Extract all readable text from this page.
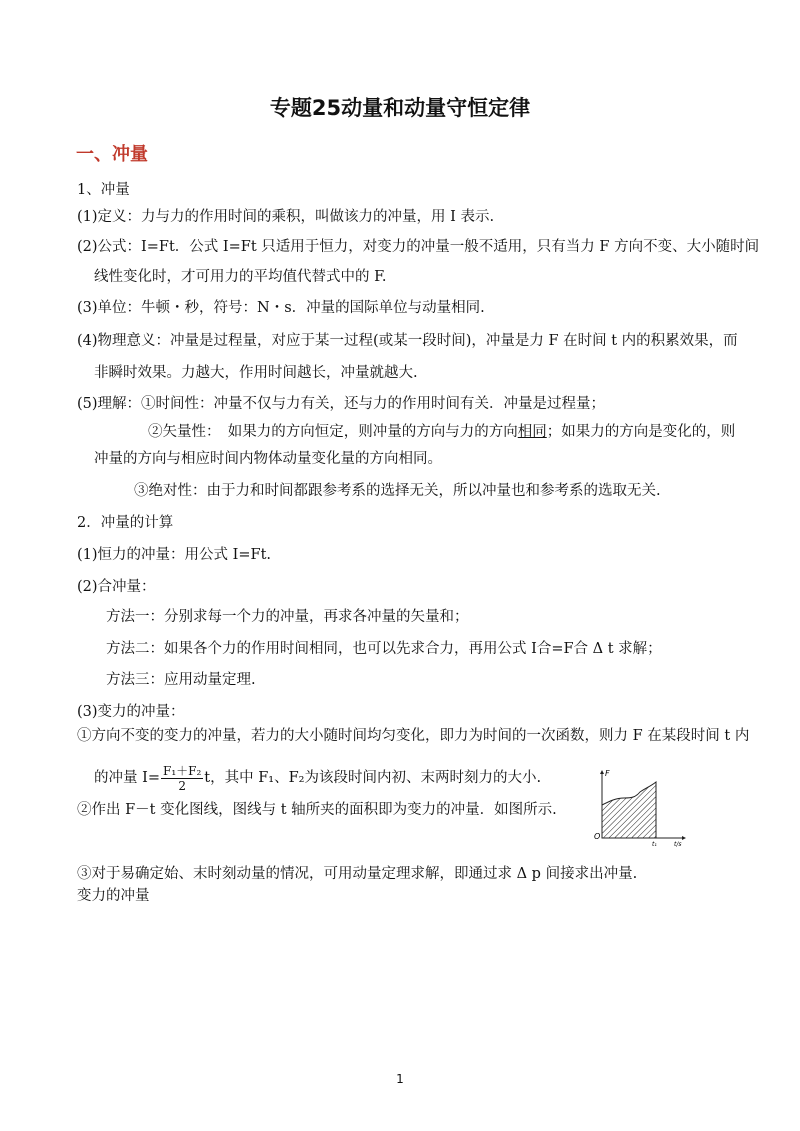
专题25动量和动量守恒定律
一、冲量
1、冲量
(1)定义：力与力的作用时间的乘积，叫做该力的冲量，用 I 表示.
(2)公式：I=Ft．公式 I=Ft 只适用于恒力，对变力的冲量一般不适用，只有当力 F 方向不变、大小随时间
线性变化时，才可用力的平均值代替式中的 F.
(3)单位：牛顿・秒，符号：N・s．冲量的国际单位与动量相同.
(4)物理意义：冲量是过程量，对应于某一过程(或某一段时间)，冲量是力 F 在时间 t 内的积累效果，而
非瞬时效果。力越大，作用时间越长，冲量就越大.
(5)理解：①时间性：冲量不仅与力有关，还与力的作用时间有关．冲量是过程量；
②矢量性：　如果力的方向恒定，则冲量的方向与力的方向相同；如果力的方向是变化的，则
冲量的方向与相应时间内物体动量变化量的方向相同。
③绝对性：由于力和时间都跟参考系的选择无关，所以冲量也和参考系的选取无关.
2．冲量的计算
(1)恒力的冲量：用公式 I=Ft.
(2)合冲量：
方法一：分别求每一个力的冲量，再求各冲量的矢量和；
方法二：如果各个力的作用时间相同，也可以先求合力，再用公式 I合=F合 Δ t 求解；
方法三：应用动量定理.
(3)变力的冲量：
①方向不变的变力的冲量，若力的大小随时间均匀变化，即力为时间的一次函数，则力 F 在某段时间 t 内
的冲量 $I= \frac{\text{F₁＋F₂}}{2}$ t，其中 F₁、F₂为该段时间内初、末两时刻力的大小.
②作出 F－t 变化图线，图线与 t 轴所夹的面积即为变力的冲量．如图所示.
③对于易确定始、末时刻动量的情况，可用动量定理求解，即通过求 Δ p 间接求出冲量.
变力的冲量
F
O
t₁	t/s
1
